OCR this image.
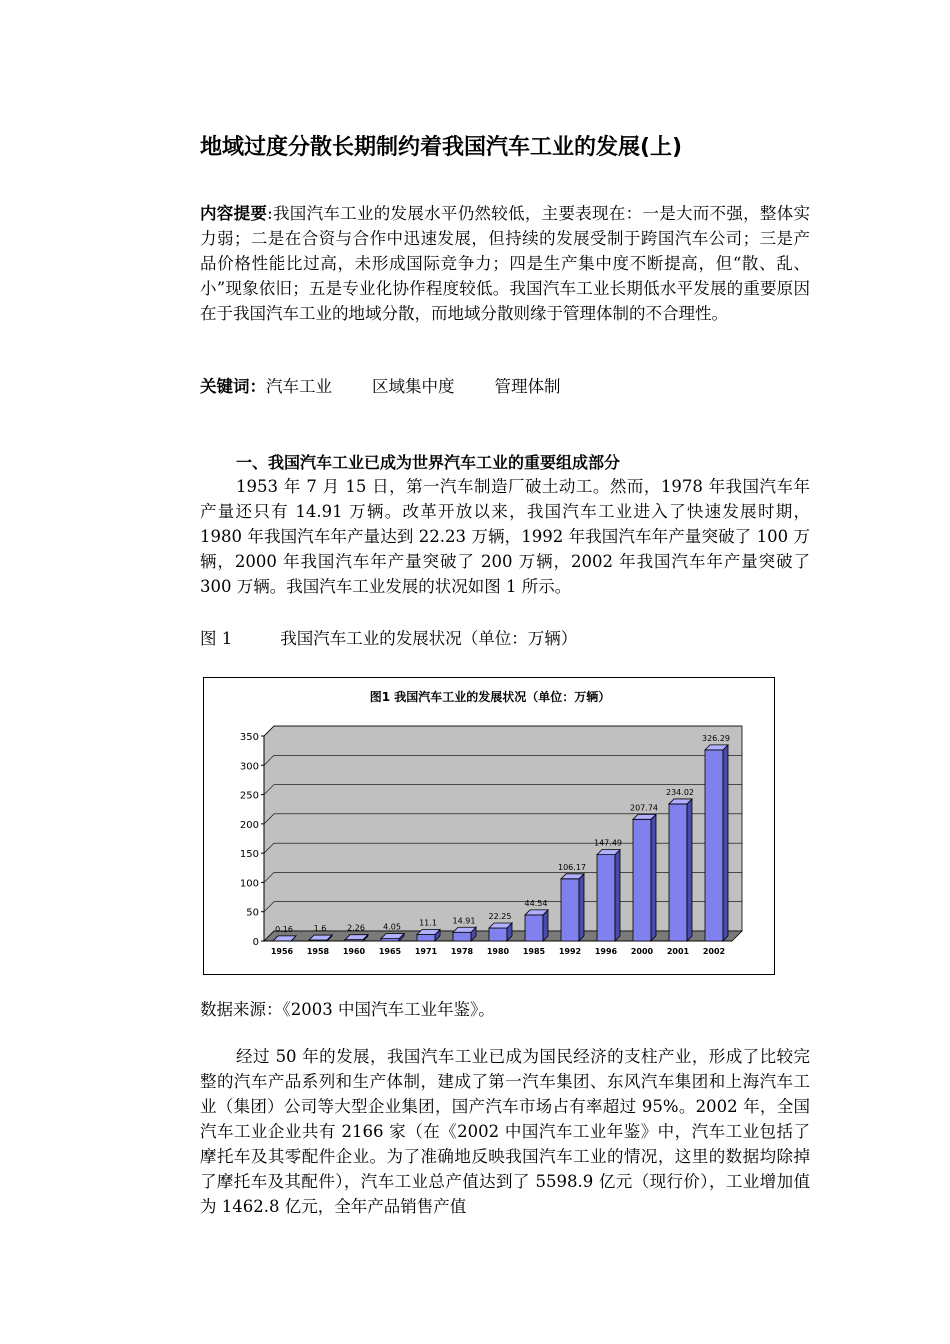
地域过度分散长期制约着我国汽车工业的发展(上)

内容提要:我国汽车工业的发展水平仍然较低，主要表现在：一是大而不强，整体实力弱；二是在合资与合作中迅速发展，但持续的发展受制于跨国汽车公司；三是产品价格性能比过高，未形成国际竞争力；四是生产集中度不断提高，但“散、乱、小”现象依旧；五是专业化协作程度较低。我国汽车工业长期低水平发展的重要原因在于我国汽车工业的地域分散，而地域分散则缘于管理体制的不合理性。

关键词：汽车工业 区域集中度 管理体制

一、我国汽车工业已成为世界汽车工业的重要组成部分

1953 年 7 月 15 日，第一汽车制造厂破土动工。然而，1978 年我国汽车年产量还只有 14.91 万辆。改革开放以来，我国汽车工业进入了快速发展时期，1980 年我国汽车年产量达到 22.23 万辆，1992 年我国汽车年产量突破了 100 万辆，2000 年我国汽车年产量突破了 200 万辆，2002 年我国汽车年产量突破了 300 万辆。我国汽车工业发展的状况如图 1 所示。

图 1	我国汽车工业的发展状况（单位：万辆）
图1 我国汽车工业的发展状况（单位：万辆）
0
50
100
150
200
250
300
350
0.16
1956
1.6
1958
2.26
1960
4.05
1965
11.1
1971
14.91
1978
22.25
1980
44.54
1985
106.17
1992
147.49
1996
207.74
2000
234.02
2001
326.29
2002
数据来源：《2003 中国汽车工业年鉴》。

经过 50 年的发展，我国汽车工业已成为国民经济的支柱产业，形成了比较完整的汽车产品系列和生产体制，建成了第一汽车集团、东风汽车集团和上海汽车工业（集团）公司等大型企业集团，国产汽车市场占有率超过 95%。2002 年，全国汽车工业企业共有 2166 家（在《2002 中国汽车工业年鉴》中，汽车工业包括了摩托车及其零配件企业。为了准确地反映我国汽车工业的情况，这里的数据均除掉了摩托车及其配件），汽车工业总产值达到了 5598.9 亿元（现行价），工业增加值为 1462.8 亿元，全年产品销售产值
